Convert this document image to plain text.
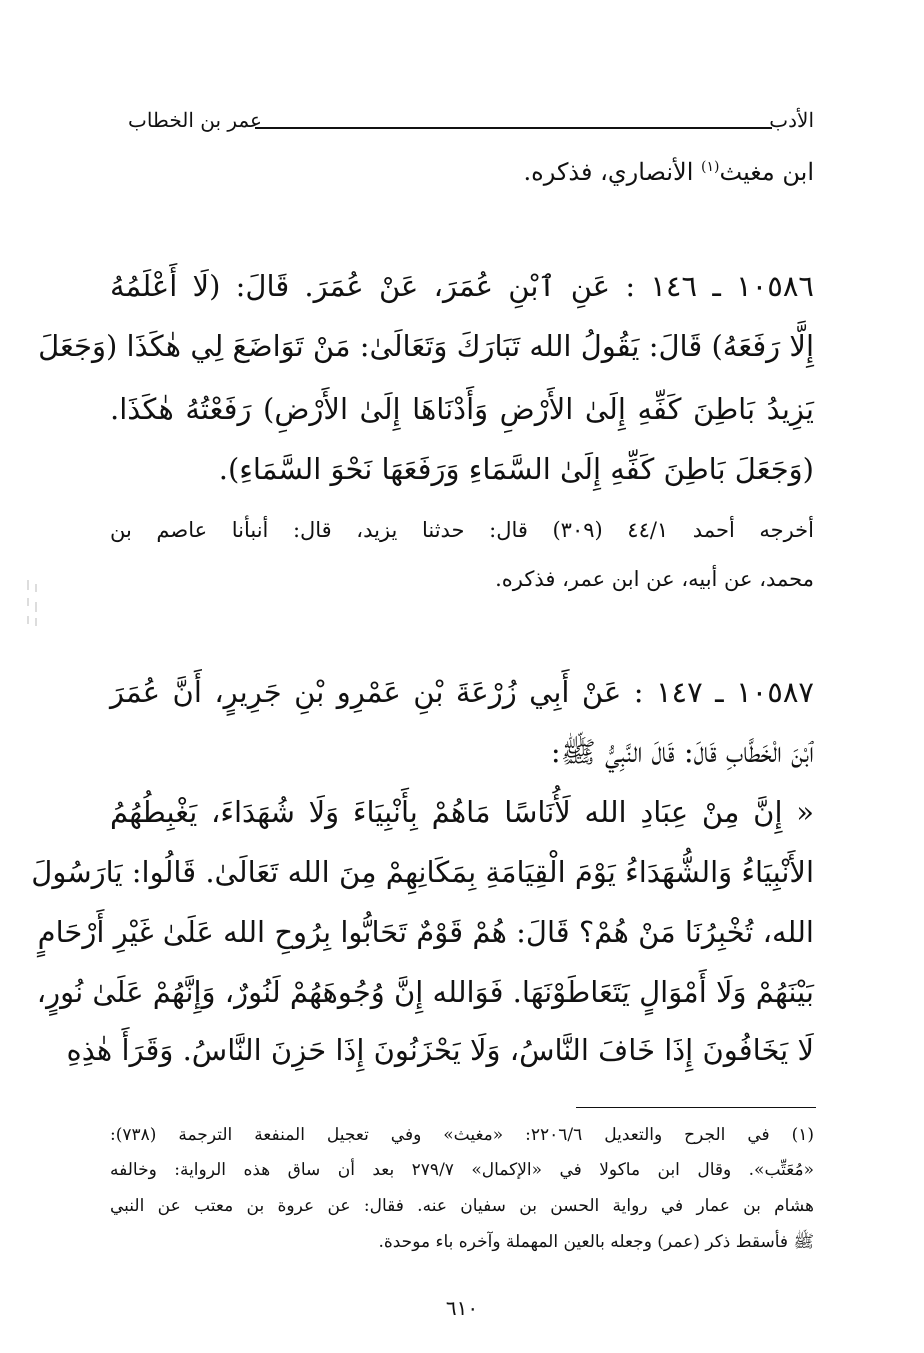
الأدب
عمر بن الخطاب
ابن مغيث$^{(١)}$ الأنصاري، فذكره.
١٠٥٨٦ ـ ١٤٦ : عَنِ ٱبْنِ عُمَرَ، عَنْ عُمَرَ. قَالَ: (لَا أَعْلَمُهُ
إِلَّا رَفَعَهُ) قَالَ: يَقُولُ الله تَبَارَكَ وَتَعَالَىٰ: مَنْ تَوَاضَعَ لِي هٰكَذَا (وَجَعَلَ
يَزِيدُ بَاطِنَ كَفِّهِ إِلَىٰ الأَرْضِ وَأَدْنَاهَا إِلَىٰ الأَرْضِ) رَفَعْتُهُ هٰكَذَا.
(وَجَعَلَ بَاطِنَ كَفِّهِ إِلَىٰ السَّمَاءِ وَرَفَعَهَا نَحْوَ السَّمَاءِ).
أخرجه أحمد ٤٤/١ (٣٠٩) قال: حدثنا يزيد، قال: أنبأنا عاصم بن
محمد، عن أبيه، عن ابن عمر، فذكره.
١٠٥٨٧ ـ ١٤٧ : عَنْ أَبِي زُرْعَةَ بْنِ عَمْرِو بْنِ جَرِيرٍ، أَنَّ عُمَرَ
ٱبْنَ الْخَطَّابِ قَالَ: قَالَ النَّبِيُّ ﷺ:
« إِنَّ مِنْ عِبَادِ الله لَأُنَاسًا مَاهُمْ بِأَنْبِيَاءَ وَلَا شُهَدَاءَ، يَغْبِطُهُمُ
الأَنْبِيَاءُ وَالشُّهَدَاءُ يَوْمَ الْقِيَامَةِ بِمَكَانِهِمْ مِنَ الله تَعَالَىٰ. قَالُوا: يَارَسُولَ
الله، تُخْبِرُنَا مَنْ هُمْ؟ قَالَ: هُمْ قَوْمٌ تَحَابُّوا بِرُوحِ الله عَلَىٰ غَيْرِ أَرْحَامٍ
بَيْنَهُمْ وَلَا أَمْوَالٍ يَتَعَاطَوْنَهَا. فَوَالله إِنَّ وُجُوهَهُمْ لَنُورٌ، وَإِنَّهُمْ عَلَىٰ نُورٍ،
لَا يَخَافُونَ إِذَا خَافَ النَّاسُ، وَلَا يَحْزَنُونَ إِذَا حَزِنَ النَّاسُ. وَقَرَأَ هٰذِهِ
(١) في الجرح والتعديل ٢٢٠٦/٦: «مغيث» وفي تعجيل المنفعة الترجمة (٧٣٨):
«مُعَتِّب». وقال ابن ماكولا في «الإكمال» ٢٧٩/٧ بعد أن ساق هذه الرواية: وخالفه
هشام بن عمار في رواية الحسن بن سفيان عنه. فقال: عن عروة بن معتب عن النبي
ﷺ فأسقط ذكر (عمر) وجعله بالعين المهملة وآخره باء موحدة.
٦١٠
